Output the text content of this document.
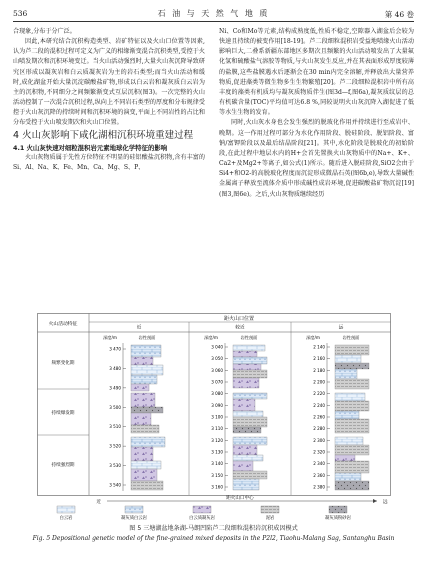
536	石 油 与 天 然 气 地 质	第 46 卷

合现象,分布于分广泛。

因此,本研究结合沉积构造类型、岩矿特征以及火山口位置等因素,认为芦二段的混积过程可定义为广义的相缘渐变混合沉积类型,受控于火山喷发期次和沉积环境变迁。当火山活动强烈时,大量火山灰沉降导致研究区形成以凝灰岩和白云质凝灰岩为主的岩石类型;而当火山活动和缓时,成化湖盆开始大量沉淀碳酸盐矿物,形成以白云岩和凝灰质白云岩为主的沉积物,不同细分之间频繁渐变式互层沉积(图3)。一次完整的火山活动控制了一次混合沉积过程,纵向上不同岩石类型的厚度和分布规律受控于火山灰沉降的持续时间和沉积环境的演变,平面上不同岩性的占比和分布受控于火山喷发期次和火山口位置。

4 火山灰影响下咸化湖相沉积环境重建过程

4.1 火山灰快速对细粒混积岩元素地球化学特征的影响

火山灰物质属于先性方位特征不明显的硅铝酸盐沉积物,含有丰富的Si、Al、Na、K、Fe、Mn、Ca、Mg、S、P、

Ni、Co和Mo等元素,结构成熟度低,性质不稳定,空隙器入湖盆后会较为快速且持续的被变作用[18-19]。芦二段细粒混积岩受益地喷缘火山活动影响巨大,二叠系新疆东部地区多期次且频繁的火山活动喷发出了大量氟化氢和硫酸盐气溶胶等物质,与火山灰发生反应,并在其表面形成厚度较薄的盐膜,这些盐膜遇水后逐渐会在30 min内完全溶解,并释放出大量营养物质,促进藻类等微生物多生生物繁殖[20]。芦二段细粒混积岩中所有高丰度的藻类有机质均与凝灰质物质伴生(图3d—f,图6a),凝灰质纹层的总有机碳含量(TOC)平均值可达6.8 %,同较说明火山灰沉降入湖促进了低等水生生物的发育。

同时,火山灰水身也会发生强烈的脱玻化作用并持续进行至成岩中、晚期。这一作用过程可部分为水化作用阶段、脱硅阶段、脱铝阶段、富钠/富钾阶段以及最后结晶阶段[21]。其中,水化阶段是脱玻化的初始阶段,在此过程中地层水内的H+会首先置换火山灰物质中的Na+、K+、Ca2+及Mg2+等离子,如公式(1)所示。随后进入脱硅阶段,SiO2会由于Si4+和O2-的高脱玻化程度而沉淀形成微晶石英(图6b,e),导致大量碱性金属离子释放至流体介质中形成碱性成岩环境,促进碳酸盐矿物沉淀[19](图3,图6e)。之后,火山灰物质继续经历

距火山口位置
火山活动特征
近	较近	远
深度/m	岩性剖面	深度/m	岩性剖面	深度/m	岩性剖面
频繁变化期
持续爆发期
持续强烈期
3 470
3 480
3 490
3 500
3 510
3 520
3 530
3 540
3 040
3 050
3 060
3 070
3 080
3 090
3 100
3 110
3 120
3 130
3 140
3 150
3 160
2 140
2 160
2 180
2 200
2 220
2 240
2 260
2 280
2 300
2 320
2 340
2 360
2 380
近
距火山口中心
远
白云岩	凝灰质白云岩	白云质凝灰岩	泥岩	凝灰质粉砂岩
图 5 三塘湖盆地条湖-马朗凹陷芦二段细粒混积岩沉积成因模式
Fig. 5 Depositional genetic model of the fine-grained mixed deposits in the P2l2, Tiaohu-Malang Sag, Santanghu Basin
